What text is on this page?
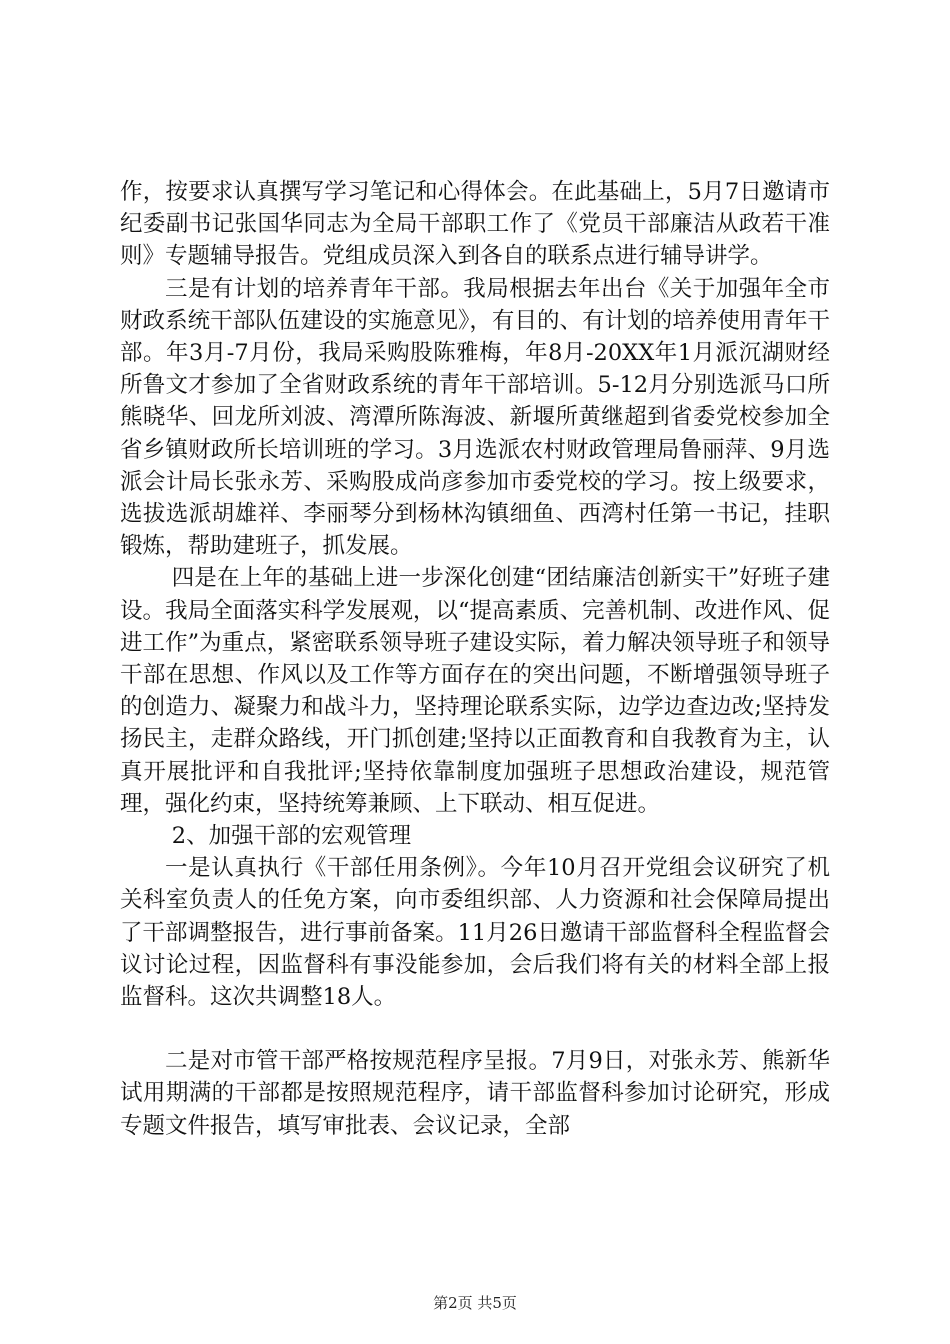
作，按要求认真撰写学习笔记和心得体会。在此基础上，5月7日邀请市纪委副书记张国华同志为全局干部职工作了《党员干部廉洁从政若干准则》专题辅导报告。党组成员深入到各自的联系点进行辅导讲学。

三是有计划的培养青年干部。我局根据去年出台《关于加强年全市财政系统干部队伍建设的实施意见》，有目的、有计划的培养使用青年干部。年3月-7月份，我局采购股陈雅梅，年8月-20XX年1月派沉湖财经所鲁文才参加了全省财政系统的青年干部培训。5-12月分别选派马口所熊晓华、回龙所刘波、湾潭所陈海波、新堰所黄继超到省委党校参加全省乡镇财政所长培训班的学习。3月选派农村财政管理局鲁丽萍、9月选派会计局长张永芳、采购股成尚彦参加市委党校的学习。按上级要求，选拔选派胡雄祥、李丽琴分到杨林沟镇细鱼、西湾村任第一书记，挂职锻炼，帮助建班子，抓发展。

四是在上年的基础上进一步深化创建“团结廉洁创新实干”好班子建设。我局全面落实科学发展观，以“提高素质、完善机制、改进作风、促进工作”为重点，紧密联系领导班子建设实际，着力解决领导班子和领导干部在思想、作风以及工作等方面存在的突出问题，不断增强领导班子的创造力、凝聚力和战斗力，坚持理论联系实际，边学边查边改;坚持发扬民主，走群众路线，开门抓创建;坚持以正面教育和自我教育为主，认真开展批评和自我批评;坚持依靠制度加强班子思想政治建设，规范管理，强化约束，坚持统筹兼顾、上下联动、相互促进。

2、加强干部的宏观管理

一是认真执行《干部任用条例》。今年10月召开党组会议研究了机关科室负责人的任免方案，向市委组织部、人力资源和社会保障局提出了干部调整报告，进行事前备案。11月26日邀请干部监督科全程监督会议讨论过程，因监督科有事没能参加，会后我们将有关的材料全部上报监督科。这次共调整18人。

二是对市管干部严格按规范程序呈报。7月9日，对张永芳、熊新华试用期满的干部都是按照规范程序，请干部监督科参加讨论研究，形成专题文件报告，填写审批表、会议记录，全部

第2页 共5页
